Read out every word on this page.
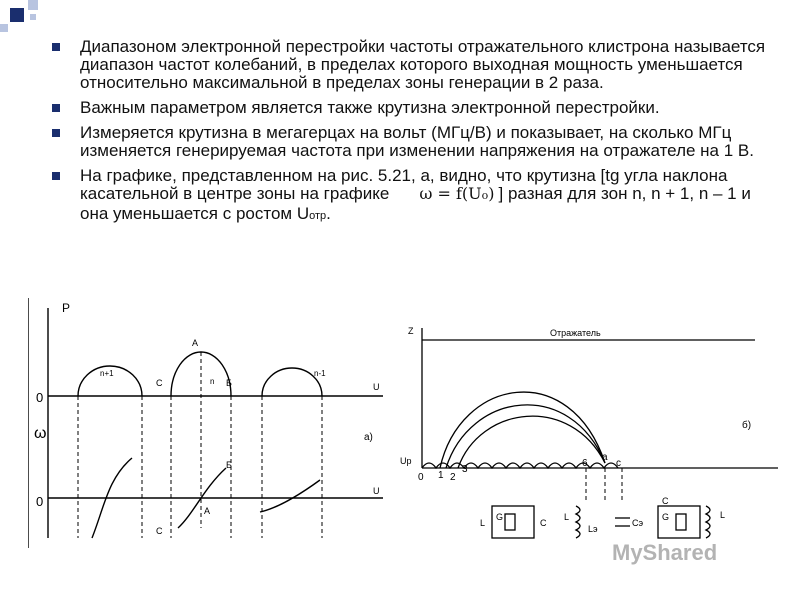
Диапазоном электронной перестройки частоты отражательного клистрона называется диапазон частот колебаний, в пределах которого выходная мощность уменьшается относительно максимальной в пределах зоны генерации в 2 раза.
Важным параметром является также крутизна электронной перестройки.
Измеряется крутизна в мегагерцах на вольт (МГц/В) и показывает, на сколько МГц изменяется генерируемая частота при изменении напряжения на отражателе на 1 В.
На графике, представленном на рис. 5.21, а, видно, что крутизна [tg угла наклона касательной в центре зоны на графике ω = f(Uo) ] разная для зон n, n + 1, n – 1 и она уменьшается с ростом Uотр.
P
0
U
ω
0
U
n+1
n
n-1
A
C	Б
A
C
Б
а)
Z	Отражатель
Up
0 1 2
3
6
a
c
б)
L
G
C
L
Lэ
Cэ
L
G
C
MyShared
